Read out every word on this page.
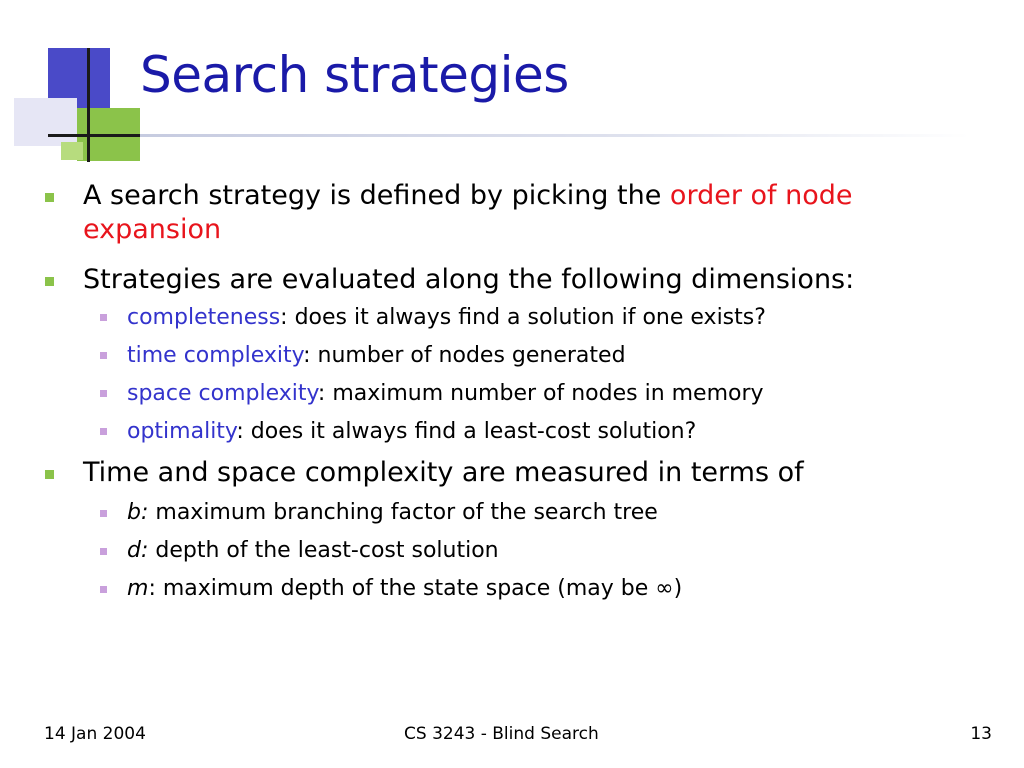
Search strategies
A search strategy is defined by picking the order of node expansion
Strategies are evaluated along the following dimensions:
completeness: does it always find a solution if one exists?
time complexity: number of nodes generated
space complexity: maximum number of nodes in memory
optimality: does it always find a least-cost solution?
Time and space complexity are measured in terms of
b: maximum branching factor of the search tree
d: depth of the least-cost solution
m: maximum depth of the state space (may be ∞)
14 Jan 2004	CS 3243 - Blind Search	13
